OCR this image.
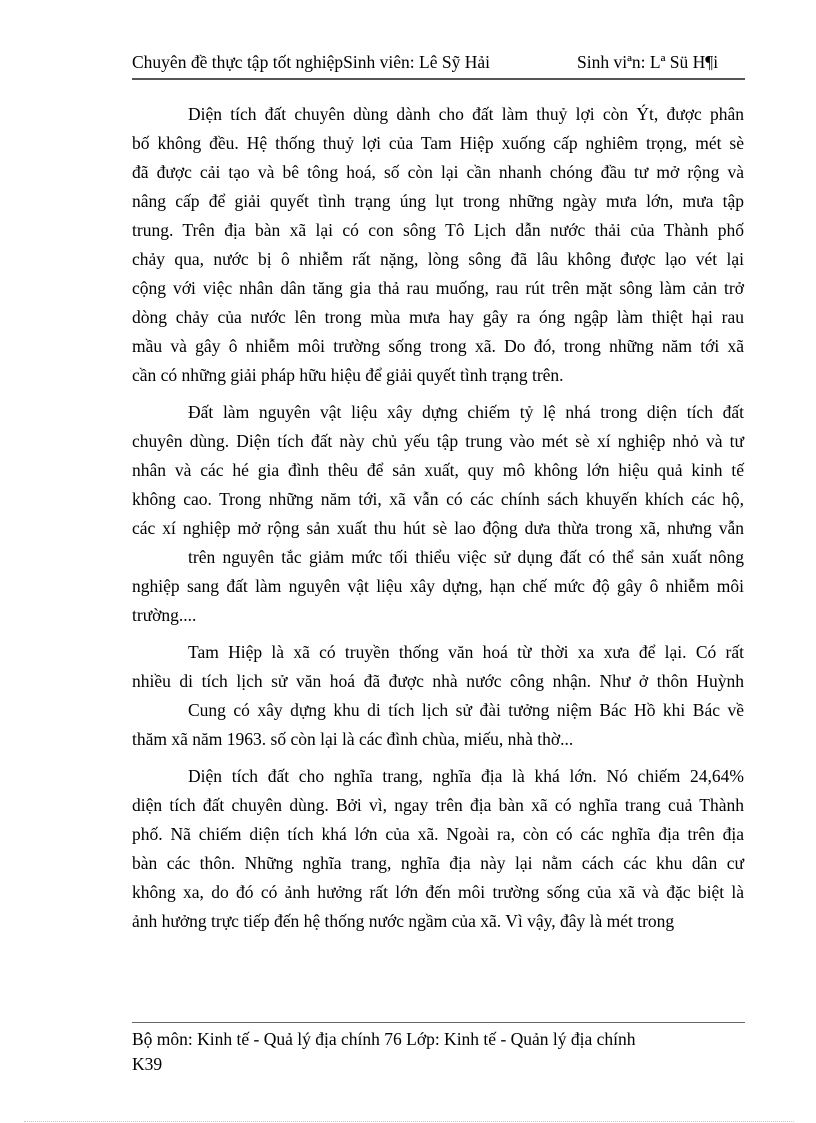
Chuyên đề thực tập tốt nghiệpSinh viên: Lê Sỹ Hải	Sinh viªn: Lª Sü H¶i
Diện tích đất chuyên dùng dành cho đất làm thuỷ lợi còn Ýt, được phân
bố không đều. Hệ thống thuỷ lợi của Tam Hiệp xuống cấp nghiêm trọng, mét sè
đã được cải tạo và bê tông hoá, số còn lại cần nhanh chóng đầu tư mở rộng và
nâng cấp để giải quyết tình trạng úng lụt trong những ngày mưa lớn, mưa tập
trung. Trên địa bàn xã lại có con sông Tô Lịch dẫn nước thải của Thành phố
chảy qua, nước bị ô nhiễm rất nặng, lòng sông đã lâu không được lạo vét lại
cộng với việc nhân dân tăng gia thả rau muống, rau rút trên mặt sông làm cản trở
dòng chảy của nước lên trong mùa mưa hay gây ra óng ngập làm thiệt hại rau
mầu và gây ô nhiễm môi trường sống trong xã. Do đó, trong những năm tới xã
cần có những giải pháp hữu hiệu để giải quyết tình trạng trên.
Đất làm nguyên vật liệu xây dựng chiếm tỷ lệ nhá trong diện tích đất
chuyên dùng. Diện tích đất này chủ yếu tập trung vào mét sè xí nghiệp nhỏ và tư
nhân và các hé gia đình thêu để sản xuất, quy mô không lớn hiệu quả kinh tế
không cao. Trong những năm tới, xã vẫn có các chính sách khuyến khích các hộ,
các xí nghiệp mở rộng sản xuất thu hút sè lao động dưa thừa trong xã, nhưng vẫn
trên nguyên tắc giảm mức tối thiểu việc sử dụng đất có thể sản xuất nông
nghiệp sang đất làm nguyên vật liệu xây dựng, hạn chế mức độ gây ô nhiễm môi
trường....
Tam Hiệp là xã có truyền thống văn hoá từ thời xa xưa để lại. Có rất
nhiều di tích lịch sử văn hoá đã được nhà nước công nhận. Như ở thôn Huỳnh
Cung có xây dựng khu di tích lịch sử đài tưởng niệm Bác Hồ khi Bác về
thăm xã năm 1963. số còn lại là các đình chùa, miếu, nhà thờ...
Diện tích đất cho nghĩa trang, nghĩa địa là khá lớn. Nó chiếm 24,64%
diện tích đất chuyên dùng. Bởi vì, ngay trên địa bàn xã có nghĩa trang cuả Thành
phố. Nã chiếm diện tích khá lớn của xã. Ngoài ra, còn có các nghĩa địa trên địa
bàn các thôn. Những nghĩa trang, nghĩa địa này lại nằm cách các khu dân cư
không xa, do đó có ảnh hưởng rất lớn đến môi trường sống của xã và đặc biệt là
ảnh hưởng trực tiếp đến hệ thống nước ngầm của xã. Vì vậy, đây là mét trong
Bộ môn: Kinh tế - Quả lý địa chính 76 Lớp: Kinh tế - Quản lý địa chính
K39
